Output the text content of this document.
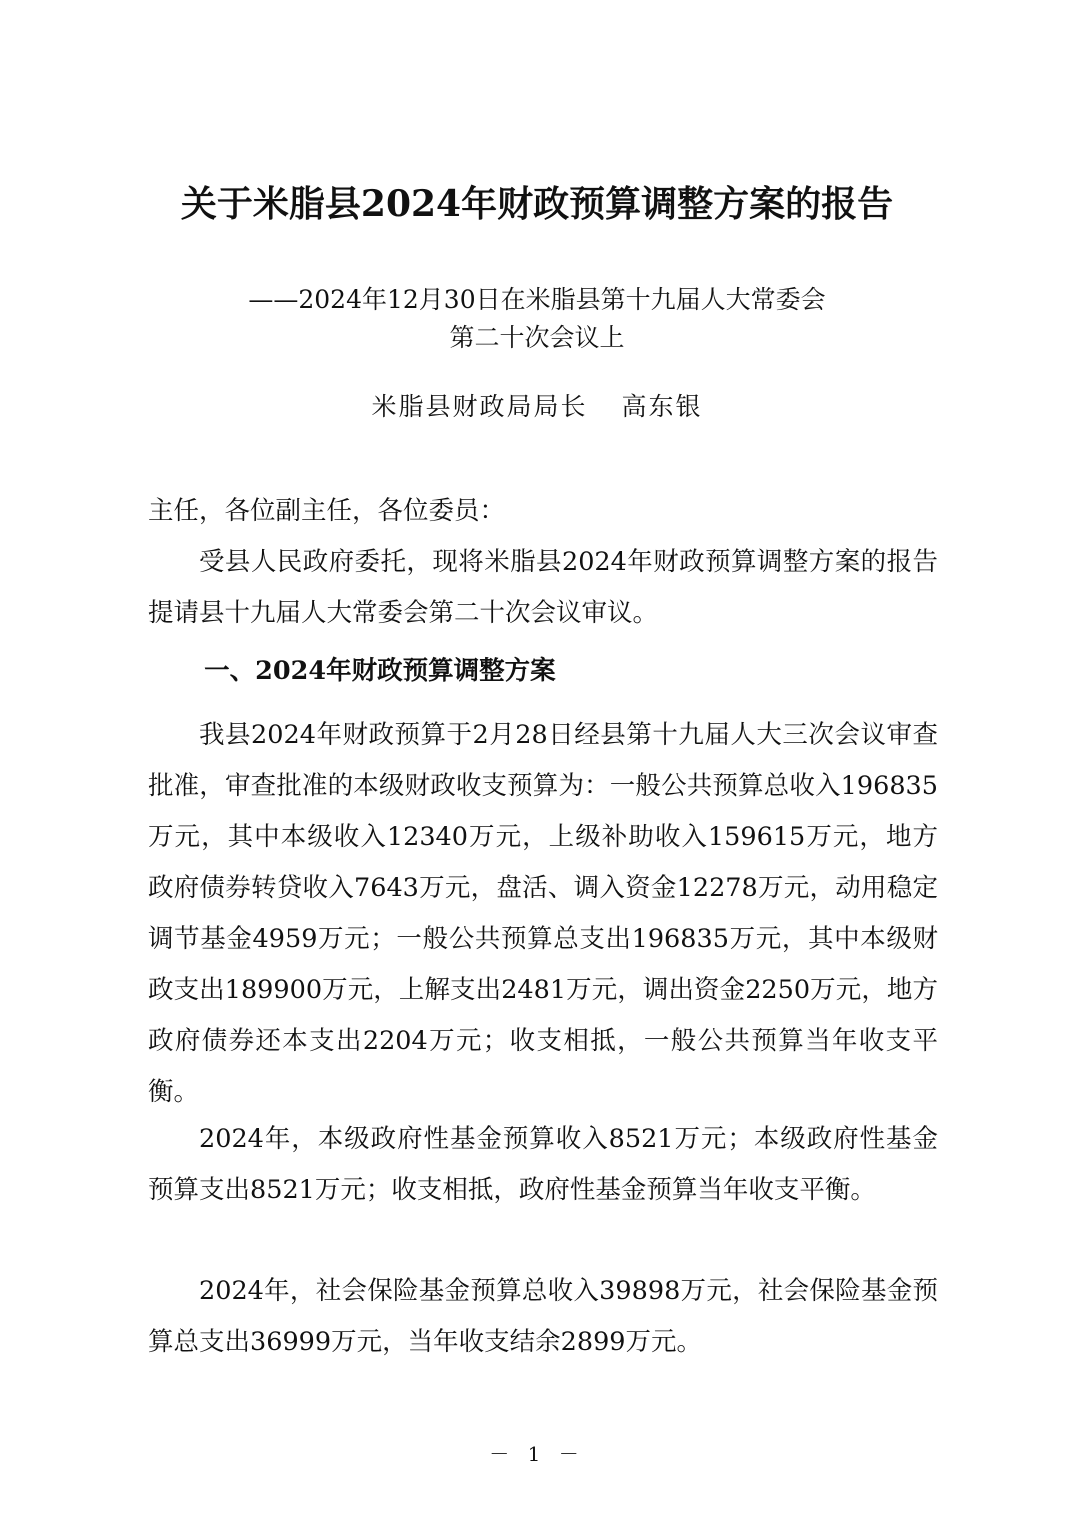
关于米脂县2024年财政预算调整方案的报告
——2024年12月30日在米脂县第十九届人大常委会
第二十次会议上
米脂县财政局局长 高东银

主任，各位副主任，各位委员：

受县人民政府委托，现将米脂县2024年财政预算调整方案的报告提请县十九届人大常委会第二十次会议审议。

一、2024年财政预算调整方案

我县2024年财政预算于2月28日经县第十九届人大三次会议审查批准，审查批准的本级财政收支预算为：一般公共预算总收入196835万元，其中本级收入12340万元，上级补助收入159615万元，地方政府债券转贷收入7643万元，盘活、调入资金12278万元，动用稳定调节基金4959万元；一般公共预算总支出196835万元，其中本级财政支出189900万元，上解支出2481万元，调出资金2250万元，地方政府债券还本支出2204万元；收支相抵，一般公共预算当年收支平衡。

2024年，本级政府性基金预算收入8521万元；本级政府性基金预算支出8521万元；收支相抵，政府性基金预算当年收支平衡。

2024年，社会保险基金预算总收入39898万元，社会保险基金预算总支出36999万元，当年收支结余2899万元。

－ 1 －
